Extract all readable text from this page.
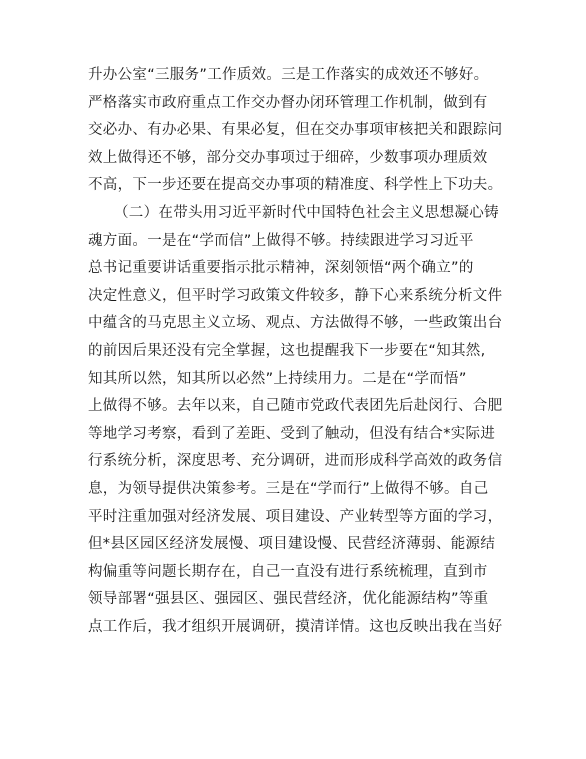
升办公室“三服务”工作质效。三是工作落实的成效还不够好。
严格落实市政府重点工作交办督办闭环管理工作机制，做到有
交必办、有办必果、有果必复，但在交办事项审核把关和跟踪问
效上做得还不够，部分交办事项过于细碎，少数事项办理质效
不高，下一步还要在提高交办事项的精准度、科学性上下功夫。
（二）在带头用习近平新时代中国特色社会主义思想凝心铸
魂方面。一是在“学而信”上做得不够。持续跟进学习习近平
总书记重要讲话重要指示批示精神，深刻领悟“两个确立”的
决定性意义，但平时学习政策文件较多，静下心来系统分析文件
中蕴含的马克思主义立场、观点、方法做得不够，一些政策出台
的前因后果还没有完全掌握，这也提醒我下一步要在“知其然,
知其所以然，知其所以必然”上持续用力。二是在“学而悟”
上做得不够。去年以来，自己随市党政代表团先后赴闵行、合肥
等地学习考察，看到了差距、受到了触动，但没有结合*实际进
行系统分析，深度思考、充分调研，进而形成科学高效的政务信
息，为领导提供决策参考。三是在“学而行”上做得不够。自己
平时注重加强对经济发展、项目建设、产业转型等方面的学习，
但*县区园区经济发展慢、项目建设慢、民营经济薄弱、能源结
构偏重等问题长期存在，自己一直没有进行系统梳理，直到市
领导部署“强县区、强园区、强民营经济，优化能源结构”等重
点工作后，我才组织开展调研，摸清详情。这也反映出我在当好
